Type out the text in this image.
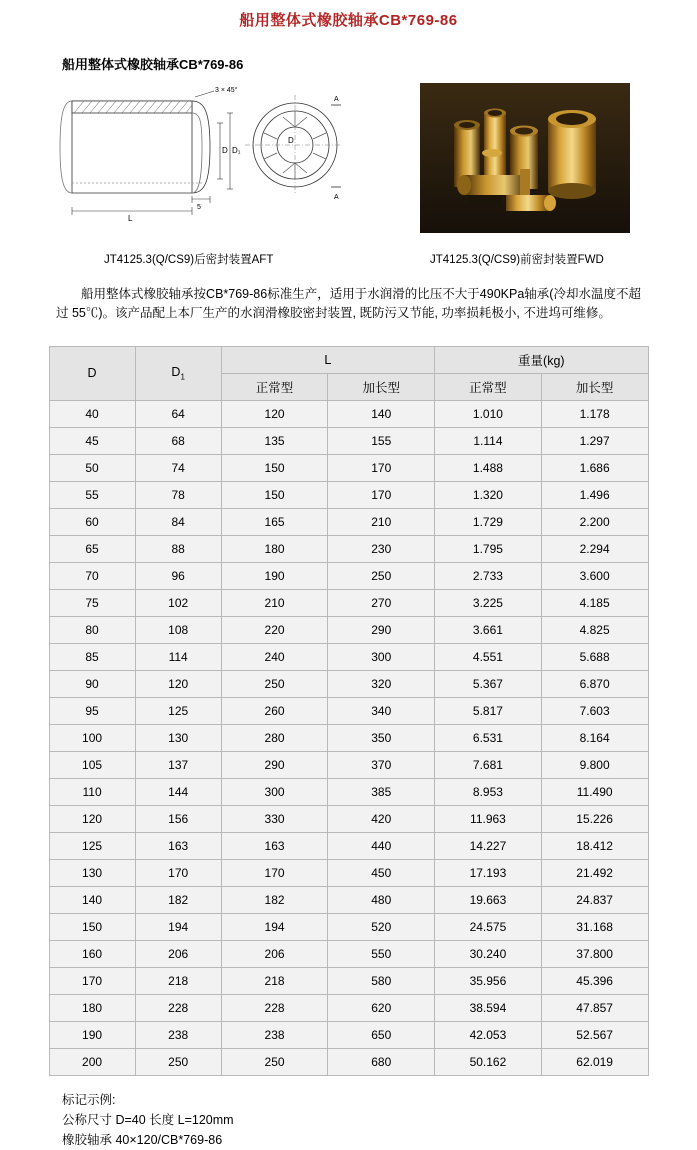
船用整体式橡胶轴承CB*769-86
船用整体式橡胶轴承CB*769-86
3 × 45°
L
5
D D₁
D
A
A
JT4125.3(Q/CS9)后密封装置AFT	JT4125.3(Q/CS9)前密封装置FWD
船用整体式橡胶轴承按CB*769-86标准生产，适用于水润滑的比压不大于490KPa轴承(冷却水温度不超过 55℃)。该产品配上本厂生产的水润滑橡胶密封装置, 既防污又节能, 功率损耗极小, 不进坞可维修。
D	$D_1$	L		重量(kg)	
		正常型	加长型	正常型	加长型
40	64	120	140	1.010	1.178
45	68	135	155	1.114	1.297
50	74	150	170	1.488	1.686
55	78	150	170	1.320	1.496
60	84	165	210	1.729	2.200
65	88	180	230	1.795	2.294
70	96	190	250	2.733	3.600
75	102	210	270	3.225	4.185
80	108	220	290	3.661	4.825
85	114	240	300	4.551	5.688
90	120	250	320	5.367	6.870
95	125	260	340	5.817	7.603
100	130	280	350	6.531	8.164
105	137	290	370	7.681	9.800
110	144	300	385	8.953	11.490
120	156	330	420	11.963	15.226
125	163	163	440	14.227	18.412
130	170	170	450	17.193	21.492
140	182	182	480	19.663	24.837
150	194	194	520	24.575	31.168
160	206	206	550	30.240	37.800
170	218	218	580	35.956	45.396
180	228	228	620	38.594	47.857
190	238	238	650	42.053	52.567
200	250	250	680	50.162	62.019
标记示例:
公称尺寸 D=40 长度 L=120mm
橡胶轴承 40×120/CB*769-86
